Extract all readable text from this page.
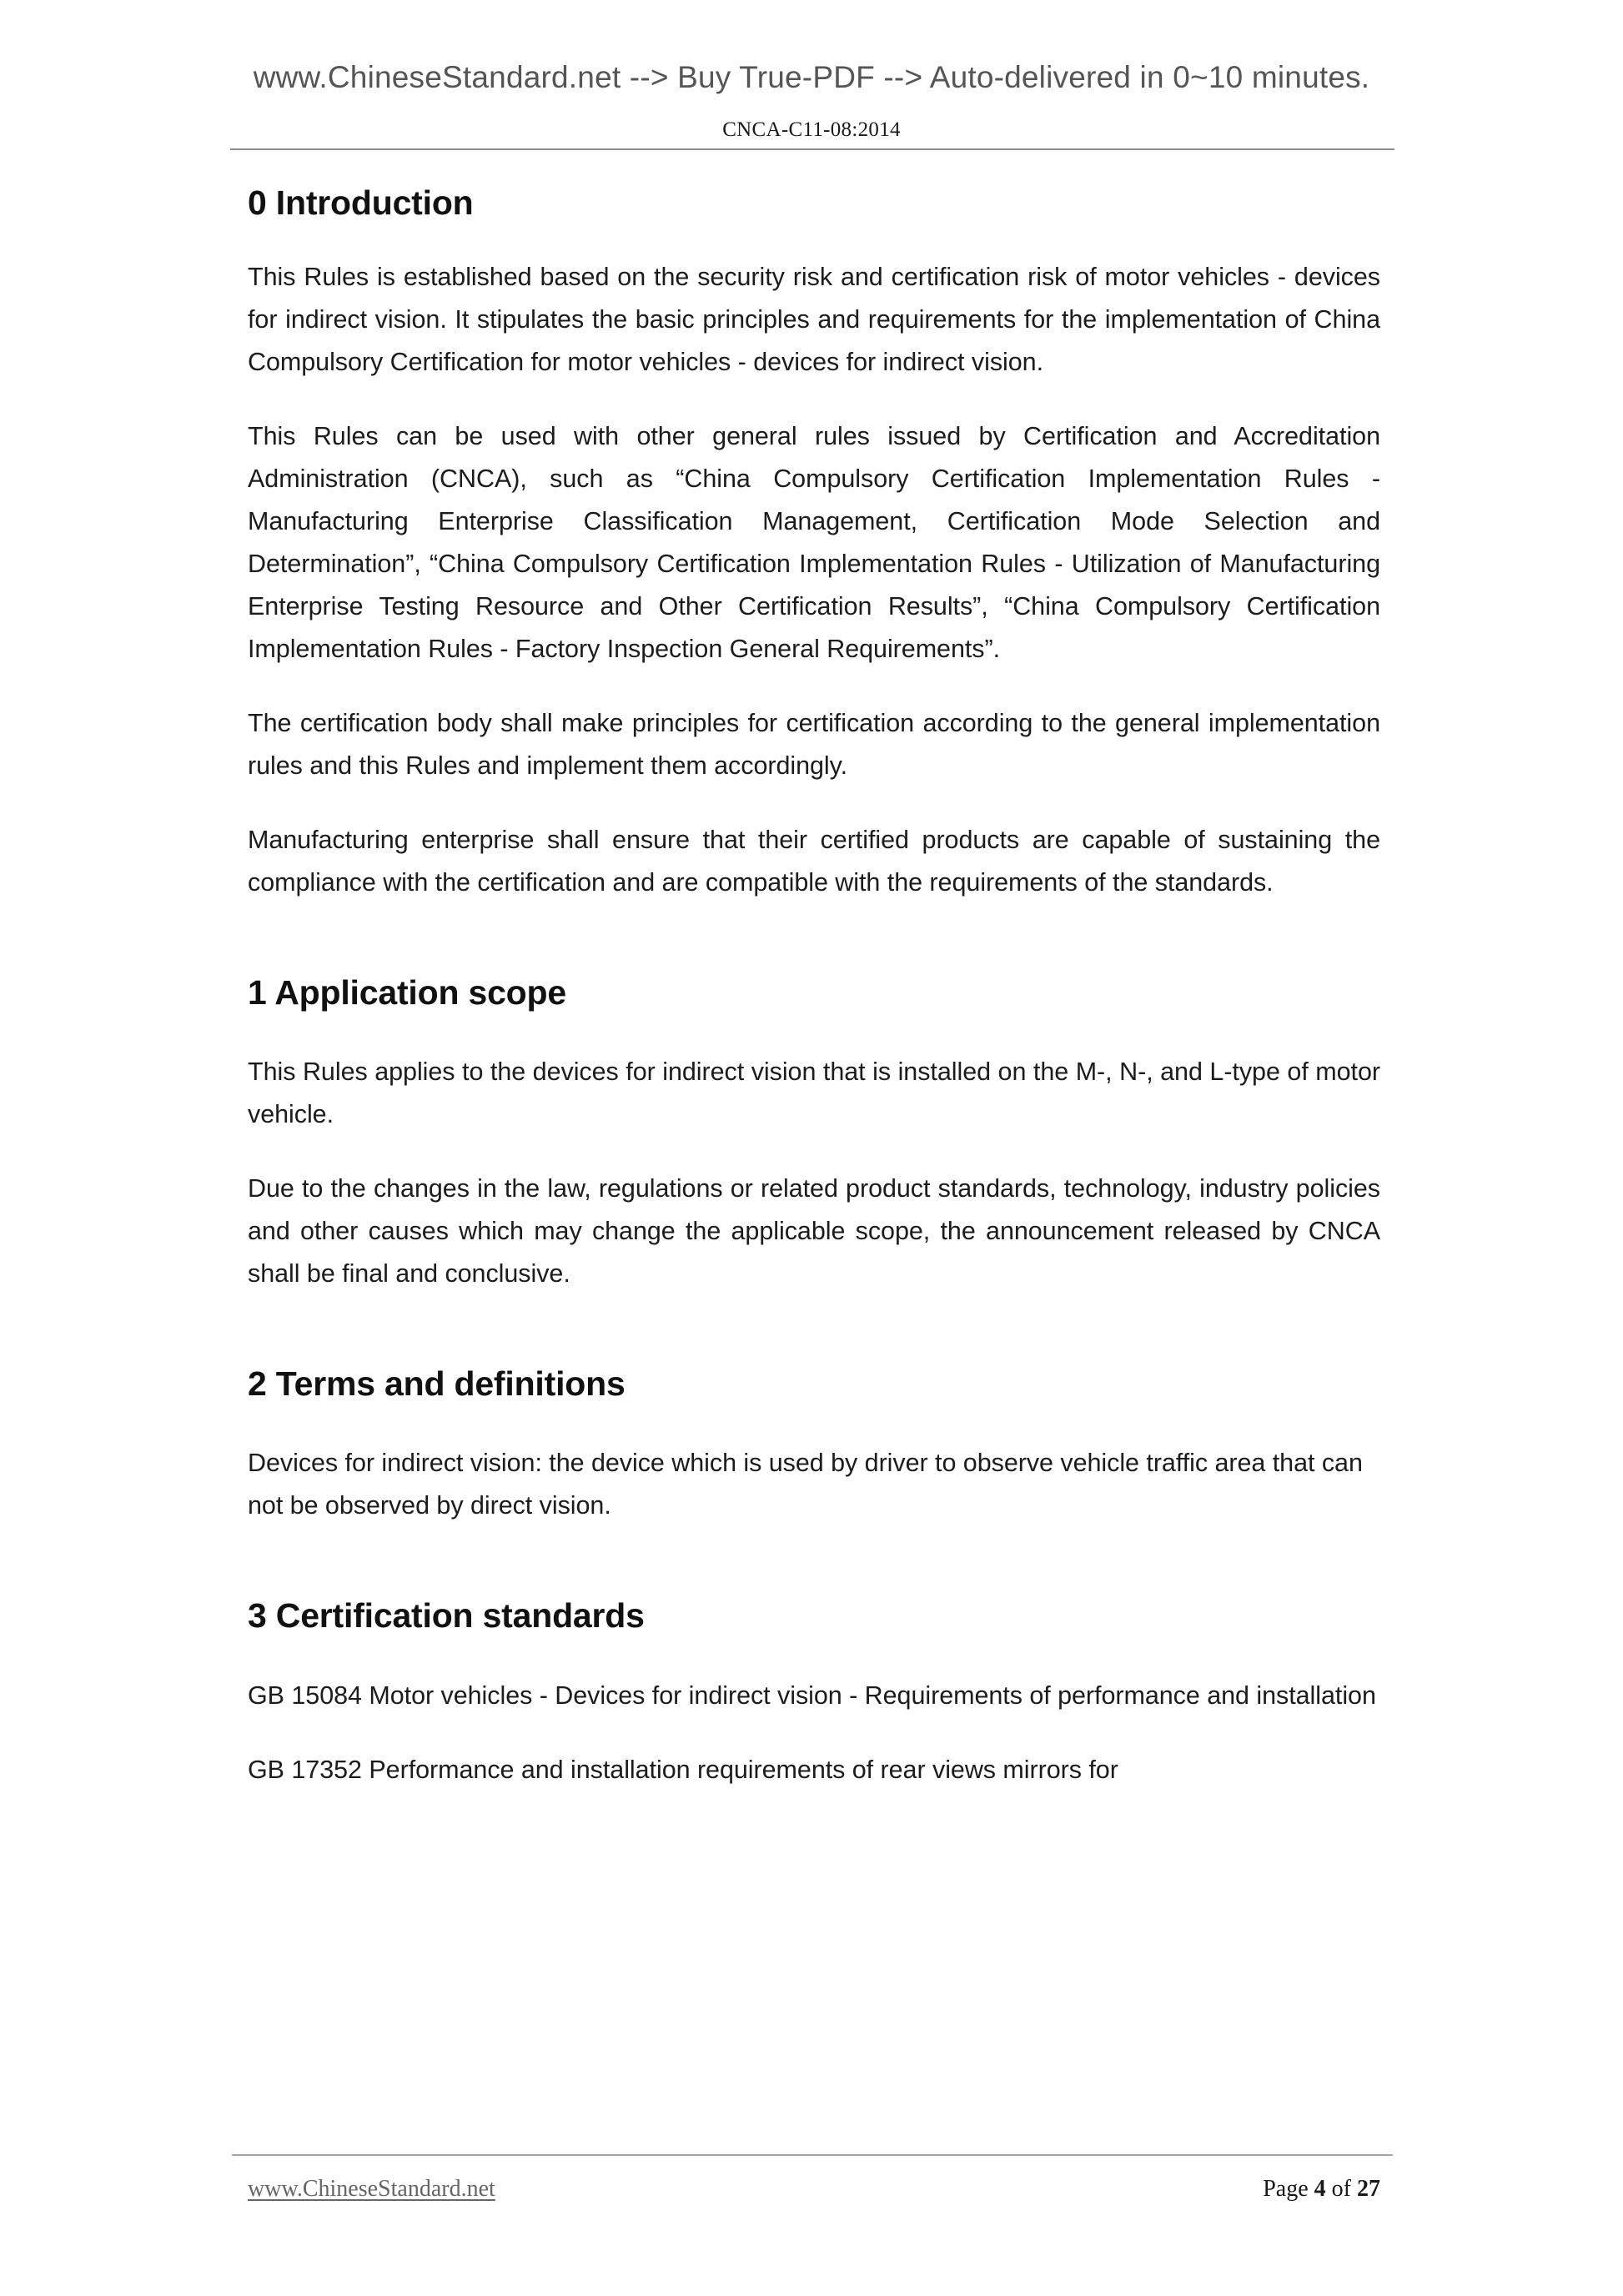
www.ChineseStandard.net --> Buy True-PDF --> Auto-delivered in 0~10 minutes.
CNCA-C11-08:2014
0 Introduction

This Rules is established based on the security risk and certification risk of motor vehicles - devices for indirect vision. It stipulates the basic principles and requirements for the implementation of China Compulsory Certification for motor vehicles - devices for indirect vision.

This Rules can be used with other general rules issued by Certification and Accreditation Administration (CNCA), such as “China Compulsory Certification Implementation Rules - Manufacturing Enterprise Classification Management, Certification Mode Selection and Determination”, “China Compulsory Certification Implementation Rules - Utilization of Manufacturing Enterprise Testing Resource and Other Certification Results”, “China Compulsory Certification Implementation Rules - Factory Inspection General Requirements”.

The certification body shall make principles for certification according to the general implementation rules and this Rules and implement them accordingly.

Manufacturing enterprise shall ensure that their certified products are capable of sustaining the compliance with the certification and are compatible with the requirements of the standards.

1 Application scope

This Rules applies to the devices for indirect vision that is installed on the M-, N-, and L-type of motor vehicle.

Due to the changes in the law, regulations or related product standards, technology, industry policies and other causes which may change the applicable scope, the announcement released by CNCA shall be final and conclusive.

2 Terms and definitions

Devices for indirect vision: the device which is used by driver to observe vehicle traffic area that can not be observed by direct vision.

3 Certification standards

GB 15084 Motor vehicles - Devices for indirect vision - Requirements of performance and installation

GB 17352 Performance and installation requirements of rear views mirrors for

www.ChineseStandard.net	Page 4 of 27
